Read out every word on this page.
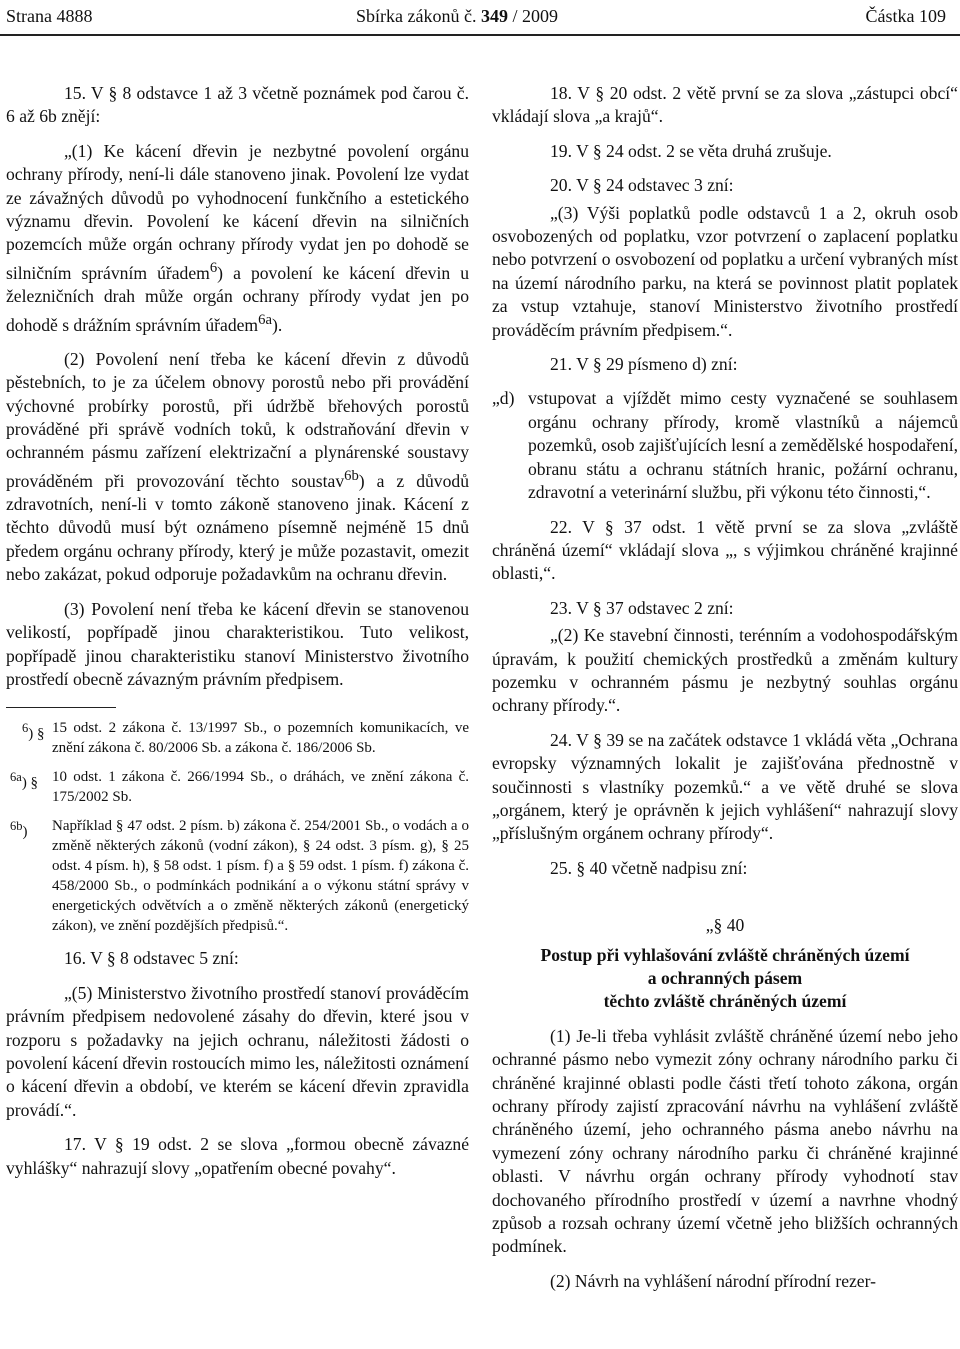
Strana 4888	Sbírka zákonů č. 349 / 2009	Částka 109

15. V § 8 odstavce 1 až 3 včetně poznámek pod čarou č. 6 až 6b znějí:

„(1) Ke kácení dřevin je nezbytné povolení orgánu ochrany přírody, není-li dále stanoveno jinak. Povolení lze vydat ze závažných důvodů po vyhodnocení funkčního a estetického významu dřevin. Povolení ke kácení dřevin na silničních pozemcích může orgán ochrany přírody vydat jen po dohodě se silničním správním úřadem$^6$) a povolení ke kácení dřevin u železničních drah může orgán ochrany přírody vydat jen po dohodě s drážním správním úřadem$^{6a}$).

(2) Povolení není třeba ke kácení dřevin z důvodů pěstebních, to je za účelem obnovy porostů nebo při provádění výchovné probírky porostů, při údržbě břehových porostů prováděné při správě vodních toků, k odstraňování dřevin v ochranném pásmu zařízení elektrizační a plynárenské soustavy prováděném při provozování těchto soustav$^{6b}$) a z důvodů zdravotních, není-li v tomto zákoně stanoveno jinak. Kácení z těchto důvodů musí být oznámeno písemně nejméně 15 dnů předem orgánu ochrany přírody, který je může pozastavit, omezit nebo zakázat, pokud odporuje požadavkům na ochranu dřevin.

(3) Povolení není třeba ke kácení dřevin se stanovenou velikostí, popřípadě jinou charakteristikou. Tuto velikost, popřípadě jinou charakteristiku stanoví Ministerstvo životního prostředí obecně závazným právním předpisem.

$^6$) § 15 odst. 2 zákona č. 13/1997 Sb., o pozemních komunikacích, ve znění zákona č. 80/2006 Sb. a zákona č. 186/2006 Sb.
$^{6a}$) § 10 odst. 1 zákona č. 266/1994 Sb., o dráhách, ve znění zákona č. 175/2002 Sb.
$^{6b}$) Například § 47 odst. 2 písm. b) zákona č. 254/2001 Sb., o vodách a o změně některých zákonů (vodní zákon), § 24 odst. 3 písm. g), § 25 odst. 4 písm. h), § 58 odst. 1 písm. f) a § 59 odst. 1 písm. f) zákona č. 458/2000 Sb., o podmínkách podnikání a o výkonu státní správy v energetických odvětvích a o změně některých zákonů (energetický zákon), ve znění pozdějších předpisů.“.

16. V § 8 odstavec 5 zní:

„(5) Ministerstvo životního prostředí stanoví prováděcím právním předpisem nedovolené zásahy do dřevin, které jsou v rozporu s požadavky na jejich ochranu, náležitosti žádosti o povolení kácení dřevin rostoucích mimo les, náležitosti oznámení o kácení dřevin a období, ve kterém se kácení dřevin zpravidla provádí.“.

17. V § 19 odst. 2 se slova „formou obecně závazné vyhlášky“ nahrazují slovy „opatřením obecné povahy“.

18. V § 20 odst. 2 větě první se za slova „zástupci obcí“ vkládají slova „a krajů“.

19. V § 24 odst. 2 se věta druhá zrušuje.

20. V § 24 odstavec 3 zní:

„(3) Výši poplatků podle odstavců 1 a 2, okruh osob osvobozených od poplatku, vzor potvrzení o zaplacení poplatku nebo potvrzení o osvobození od poplatku a určení vybraných míst na území národního parku, na která se povinnost platit poplatek za vstup vztahuje, stanoví Ministerstvo životního prostředí prováděcím právním předpisem.“.

21. V § 29 písmeno d) zní:

„d) vstupovat a vjíždět mimo cesty vyznačené se souhlasem orgánu ochrany přírody, kromě vlastníků a nájemců pozemků, osob zajišťujících lesní a zemědělské hospodaření, obranu státu a ochranu státních hranic, požární ochranu, zdravotní a veterinární službu, při výkonu této činnosti,“.

22. V § 37 odst. 1 větě první se za slova „zvláště chráněná území“ vkládají slova „, s výjimkou chráněné krajinné oblasti,“.

23. V § 37 odstavec 2 zní:

„(2) Ke stavební činnosti, terénním a vodohospodářským úpravám, k použití chemických prostředků a změnám kultury pozemku v ochranném pásmu je nezbytný souhlas orgánu ochrany přírody.“.

24. V § 39 se na začátek odstavce 1 vkládá věta „Ochrana evropsky významných lokalit je zajišťována přednostně v součinnosti s vlastníky pozemků.“ a ve větě druhé se slova „orgánem, který je oprávněn k jejich vyhlášení“ nahrazují slovy „příslušným orgánem ochrany přírody“.

25. § 40 včetně nadpisu zní:

„§ 40

Postup při vyhlašování zvláště chráněných území

a ochranných pásem

těchto zvláště chráněných území

(1) Je-li třeba vyhlásit zvláště chráněné území nebo jeho ochranné pásmo nebo vymezit zóny ochrany národního parku či chráněné krajinné oblasti podle části třetí tohoto zákona, orgán ochrany přírody zajistí zpracování návrhu na vyhlášení zvláště chráněného území, jeho ochranného pásma anebo návrhu na vymezení zóny ochrany národního parku či chráněné krajinné oblasti. V návrhu orgán ochrany přírody vyhodnotí stav dochovaného přírodního prostředí v území a navrhne vhodný způsob a rozsah ochrany území včetně jeho bližších ochranných podmínek.

(2) Návrh na vyhlášení národní přírodní rezer-
